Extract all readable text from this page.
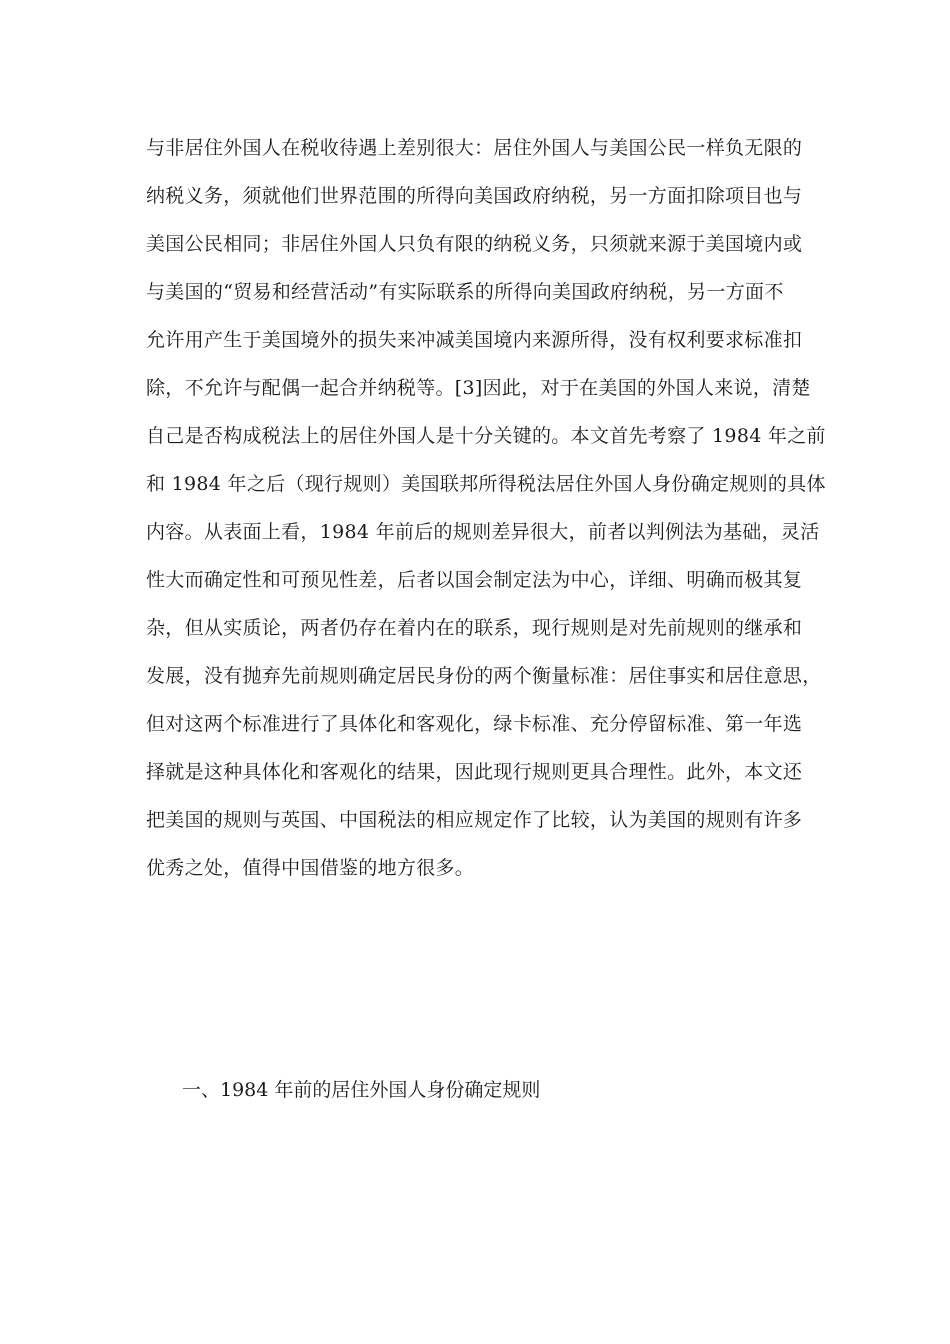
与非居住外国人在税收待遇上差别很大：居住外国人与美国公民一样负无限的
纳税义务，须就他们世界范围的所得向美国政府纳税，另一方面扣除项目也与
美国公民相同；非居住外国人只负有限的纳税义务，只须就来源于美国境内或
与美国的“贸易和经营活动”有实际联系的所得向美国政府纳税，另一方面不
允许用产生于美国境外的损失来冲减美国境内来源所得，没有权利要求标准扣
除，不允许与配偶一起合并纳税等。[3]因此，对于在美国的外国人来说，清楚
自己是否构成税法上的居住外国人是十分关键的。本文首先考察了 1984 年之前
和 1984 年之后（现行规则）美国联邦所得税法居住外国人身份确定规则的具体
内容。从表面上看，1984 年前后的规则差异很大，前者以判例法为基础，灵活
性大而确定性和可预见性差，后者以国会制定法为中心，详细、明确而极其复
杂，但从实质论，两者仍存在着内在的联系，现行规则是对先前规则的继承和
发展，没有抛弃先前规则确定居民身份的两个衡量标准：居住事实和居住意思，
但对这两个标准进行了具体化和客观化，绿卡标准、充分停留标准、第一年选
择就是这种具体化和客观化的结果，因此现行规则更具合理性。此外，本文还
把美国的规则与英国、中国税法的相应规定作了比较，认为美国的规则有许多
优秀之处，值得中国借鉴的地方很多。
一、1984 年前的居住外国人身份确定规则
